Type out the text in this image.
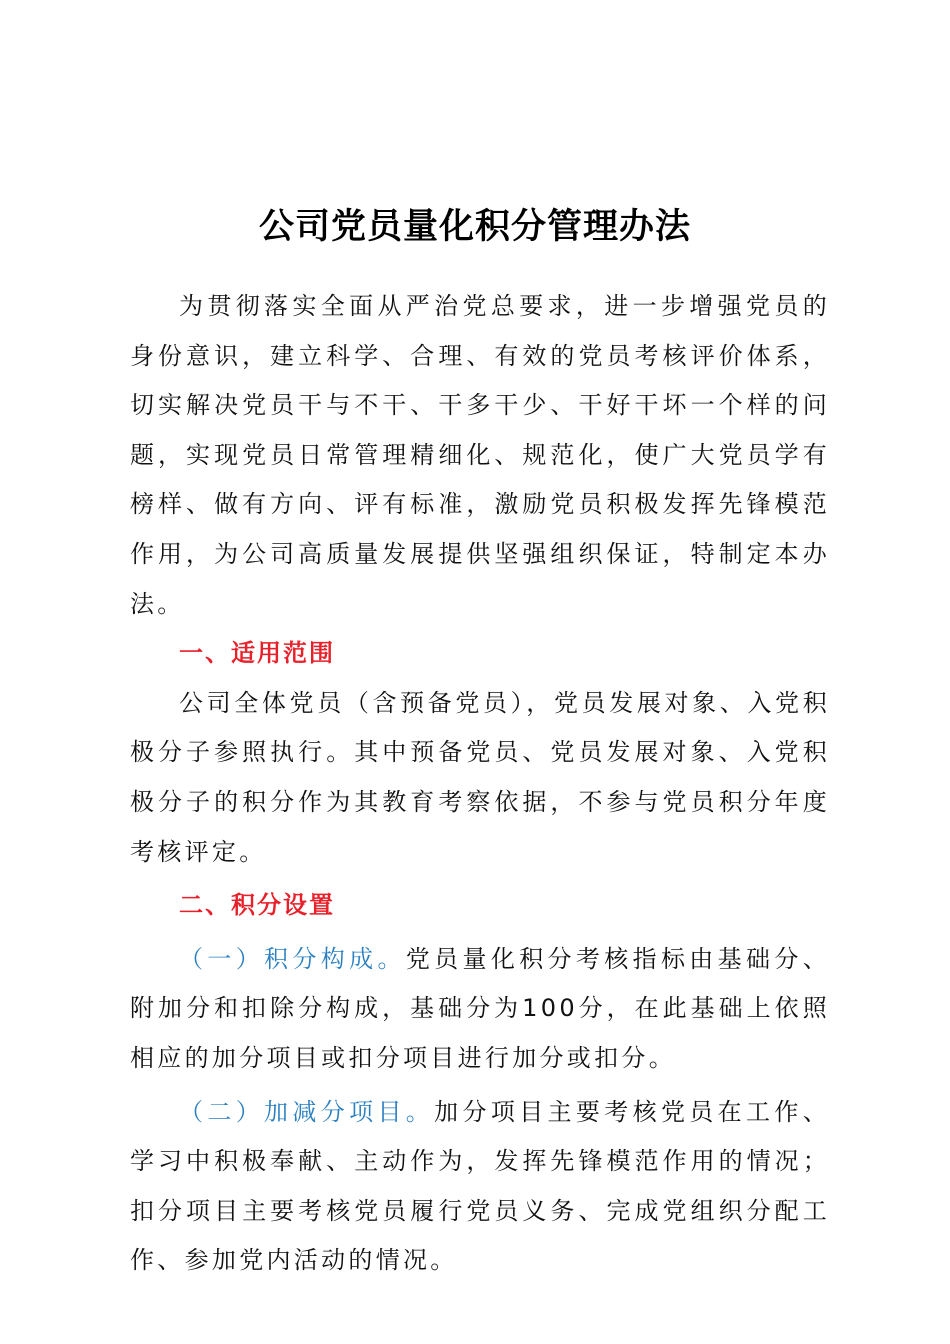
公司党员量化积分管理办法

为贯彻落实全面从严治党总要求，进一步增强党员的身份意识，建立科学、合理、有效的党员考核评价体系，切实解决党员干与不干、干多干少、干好干坏一个样的问题，实现党员日常管理精细化、规范化，使广大党员学有榜样、做有方向、评有标准，激励党员积极发挥先锋模范作用，为公司高质量发展提供坚强组织保证，特制定本办法。

一、适用范围

公司全体党员（含预备党员），党员发展对象、入党积极分子参照执行。其中预备党员、党员发展对象、入党积极分子的积分作为其教育考察依据，不参与党员积分年度考核评定。

二、积分设置

（一）积分构成。党员量化积分考核指标由基础分、附加分和扣除分构成，基础分为100分，在此基础上依照相应的加分项目或扣分项目进行加分或扣分。

（二）加减分项目。加分项目主要考核党员在工作、学习中积极奉献、主动作为，发挥先锋模范作用的情况；扣分项目主要考核党员履行党员义务、完成党组织分配工作、参加党内活动的情况。
